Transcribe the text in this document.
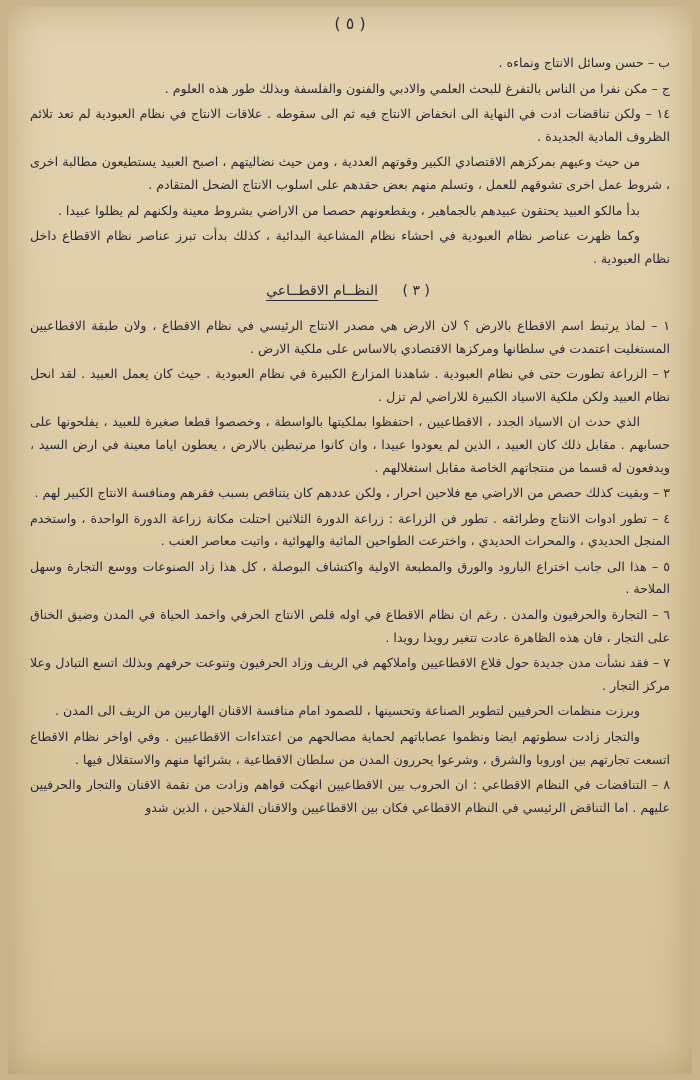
( ٥ )

ب – حسن وسائل الانتاج ونماءه .

ج – مكن نفرا من الناس بالتفرغ للبحث العلمي والادبي والفنون والفلسفة وبذلك طور هذه العلوم .

١٤ – ولكن تناقضات ادت في النهاية الى انخفاض الانتاج فيه ثم الى سقوطه . علاقات الانتاج في نظام العبودية لم تعد تلائم الظروف المادية الجديدة .

من حيث وعيهم بمركزهم الاقتصادي الكبير وقوتهم العددية ، ومن حيث نضاليتهم ، اصبح العبيد يستطيعون مطالبة اخرى ، شروط عمل اخرى تشوقهم للعمل ، وتسلم منهم بعض حقدهم على اسلوب الانتاج الضحل المتقادم .

بدأ مالكو العبيد يحتقون عبيدهم بالجماهير ، ويقطعونهم حصصا من الاراضي بشروط معينة ولكنهم لم يظلوا عبيدا .

وكما ظهرت عناصر نظام العبودية في احشاء نظام المشاعية البدائية ، كذلك بدأت تبرز عناصر نظام الاقطاع داخل نظام العبودية .

( ٣ ) النظــام الاقطــاعي

١ – لماذ يرتبط اسم الاقطاع بالارض ؟ لان الارض هي مصدر الانتاج الرئيسي في نظام الاقطاع ، ولان طبقة الاقطاعيين المستغليت اعتمدت في سلطانها ومركزها الاقتصادي بالاساس على ملكية الارض .

٢ – الزراعة تطورت حتى في نظام العبودية . شاهدنا المزارع الكبيرة في نظام العبودية . حيث كان يعمل العبيد . لقد انحل نظام العبيد ولكن ملكية الاسياد الكبيرة للاراضي لم تزل .

الذي حدث ان الاسياد الجدد ، الاقطاعيين ، احتفظوا بملكيتها بالواسطة ، وخصصوا قطعا صغيرة للعبيد ، يفلحونها على حسابهم . مقابل ذلك كان العبيد ، الذين لم يعودوا عبيدا ، وان كانوا مرتبطين بالارض ، يعطون اياما معينة في ارض السيد ، ويدفعون له قسما من منتجاتهم الخاصة مقابل استغلالهم .

٣ – وبقيت كذلك حصص من الاراضي مع فلاحين احرار ، ولكن عددهم كان يتناقص بسبب فقرهم ومنافسة الانتاج الكبير لهم .

٤ – تطور ادوات الانتاج وطرائقه . تطور فن الزراعة : زراعة الدورة الثلاثين احتلت مكانة زراعة الدورة الواحدة ، واستخدم المنجل الحديدي ، والمحراث الحديدي ، واخترعت الطواحين المائية والهوائية ، واتيت معاصر العنب .

٥ – هذا الى جانب اختراع البارود والورق والمطبعة الاولية واكتشاف البوصلة ، كل هذا زاد الصنوعات ووسع التجارة وسهل الملاحة .

٦ – التجارة والحرفيون والمدن . رغم ان نظام الاقطاع في اوله قلص الانتاج الحرفي واخمد الحياة في المدن وضيق الخناق على التجار ، فان هذه الظاهرة عادت تتغير رويدا رويدا .

٧ – فقد نشأت مدن جديدة حول قلاع الاقطاعيين واملاكهم في الريف وزاد الحرفيون وتنوعت حرفهم وبذلك اتسع التبادل وعلا مركز التجار .

وبرزت منظمات الحرفيين لتطوير الصناعة وتحسينها ، للصمود امام منافسة الاقنان الهاربين من الريف الى المدن .

والتجار زادت سطوتهم ايضا ونظموا عصاباتهم لحماية مصالحهم من اعتداءات الاقطاعيين . وفي اواخر نظام الاقطاع اتسعت تجارتهم بين اوروبا والشرق ، وشرعوا يحررون المدن من سلطان الاقطاعية ، بشرائها منهم والاستقلال فيها .

٨ – التناقضات في النظام الاقطاعي : ان الحروب بين الاقطاعيين انهكت قواهم وزادت من نقمة الاقنان والتجار والحرفيين عليهم . اما التناقض الرئيسي في النظام الاقطاعي فكان بين الاقطاعيين والاقنان الفلاحين ، الذين شدو
